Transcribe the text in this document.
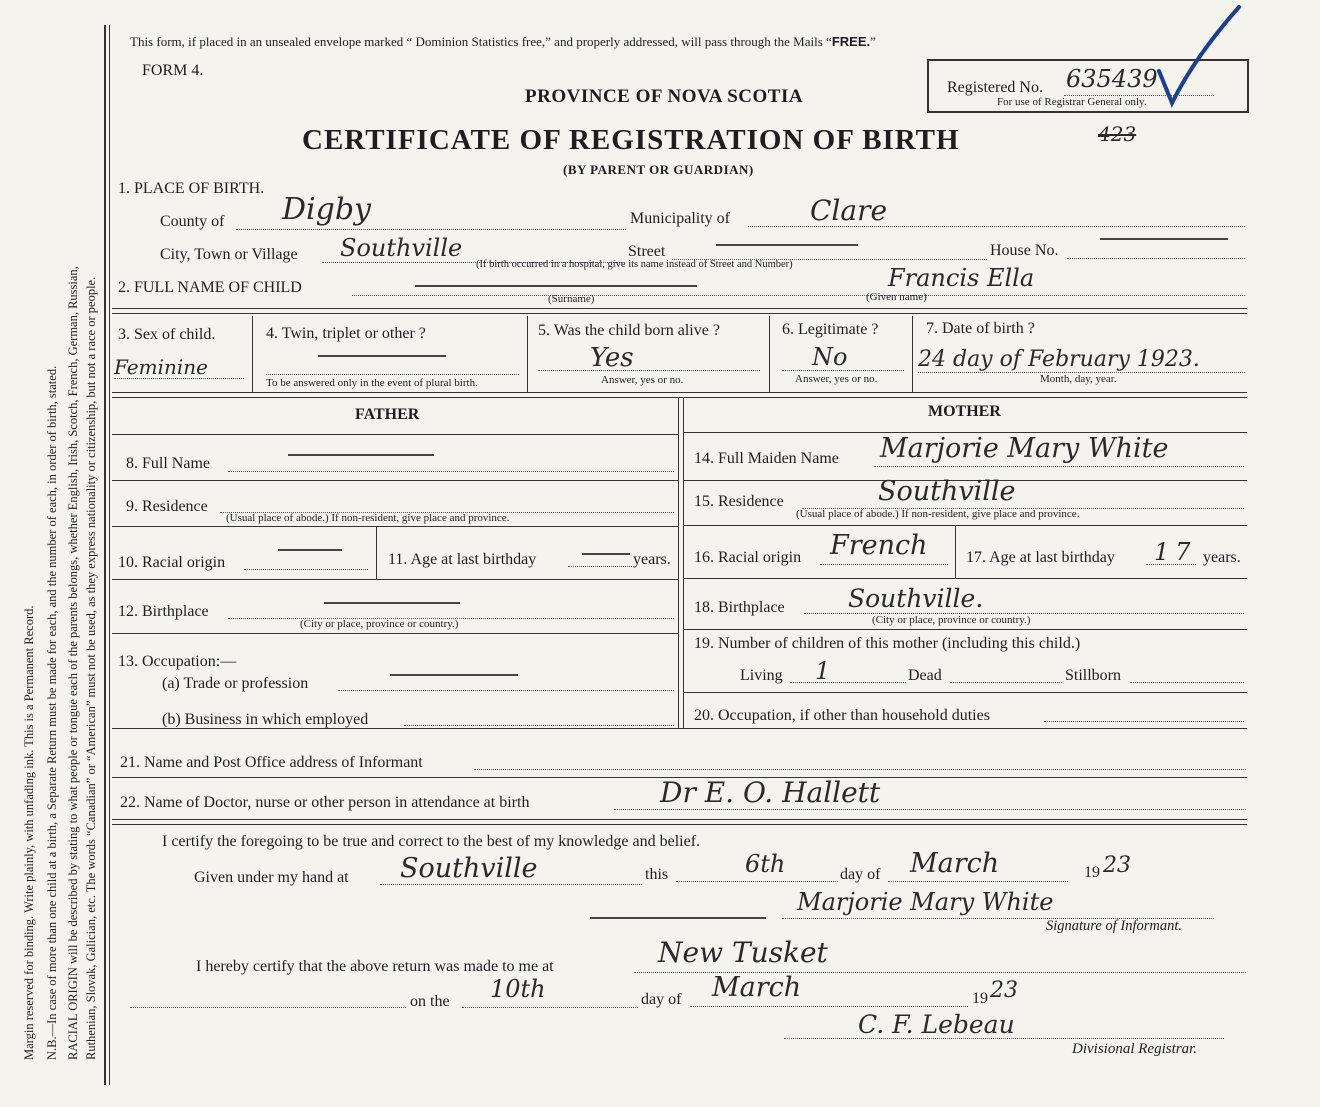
Margin reserved for binding. Write plainly, with unfading ink. This is a Permanent Record. N.B.—In case of more than one child at a birth, a Separate Return must be made for each, and the number of each, in order of birth, stated. RACIAL ORIGIN will be described by stating to what people or tongue each of the parents belongs, whether English, Irish, Scotch, French, German, Russian, Ruthenian, Slovak, Galician, etc. The words “Canadian” or “American” must not be used, as they express nationality or citizenship, but not a race or people.
This form, if placed in an unsealed envelope marked “ Dominion Statistics free,” and properly addressed, will pass through the Mails “FREE.”
FORM 4.
PROVINCE OF NOVA SCOTIA	Registered No. 635439
For use of Registrar General only.
CERTIFICATE OF REGISTRATION OF BIRTH	423
(BY PARENT OR GUARDIAN)
1. PLACE OF BIRTH.
County of Digby	Municipality of	Clare
City, Town or Village Southville	Street	House No.
(If birth occurred in a hospital, give its name instead of Street and Number)
2. FULL NAME OF CHILD	Francis Ella
(Surname)	(Given name)
3. Sex of child.
Feminine
4. Twin, triplet or other ?
To be answered only in the event of plural birth.
5. Was the child born alive ?
Yes
Answer, yes or no.
6. Legitimate ?
No
Answer, yes or no.
7. Date of birth ?
24 day of February 1923.
Month, day, year.
FATHER	MOTHER
8. Full Name
9. Residence
(Usual place of abode.) If non-resident, give place and province.
10. Racial origin	11. Age at last birthday	years.
12. Birthplace
(City or place, province or country.)
13. Occupation:—
(a) Trade or profession
(b) Business in which employed
14. Full Maiden Name Marjorie Mary White
15. Residence	Southville
(Usual place of abode.) If non-resident, give place and province.
16. Racial origin French 17. Age at last birthday 17 years.
18. Birthplace	Southville.
(City or place, province or country.)
19. Number of children of this mother (including this child.)
Living 1	Dead	Stillborn
20. Occupation, if other than household duties
21. Name and Post Office address of Informant
22. Name of Doctor, nurse or other person in attendance at birth	Dr E. O. Hallett
I certify the foregoing to be true and correct to the best of my knowledge and belief.
Given under my hand at Southville	this	6th	day of March	19 23
Marjorie Mary White
Signature of Informant.
I hereby certify that the above return was made to me at	New Tusket
on the 10th	day of March	19 23
C. F. Lebeau
Divisional Registrar.
